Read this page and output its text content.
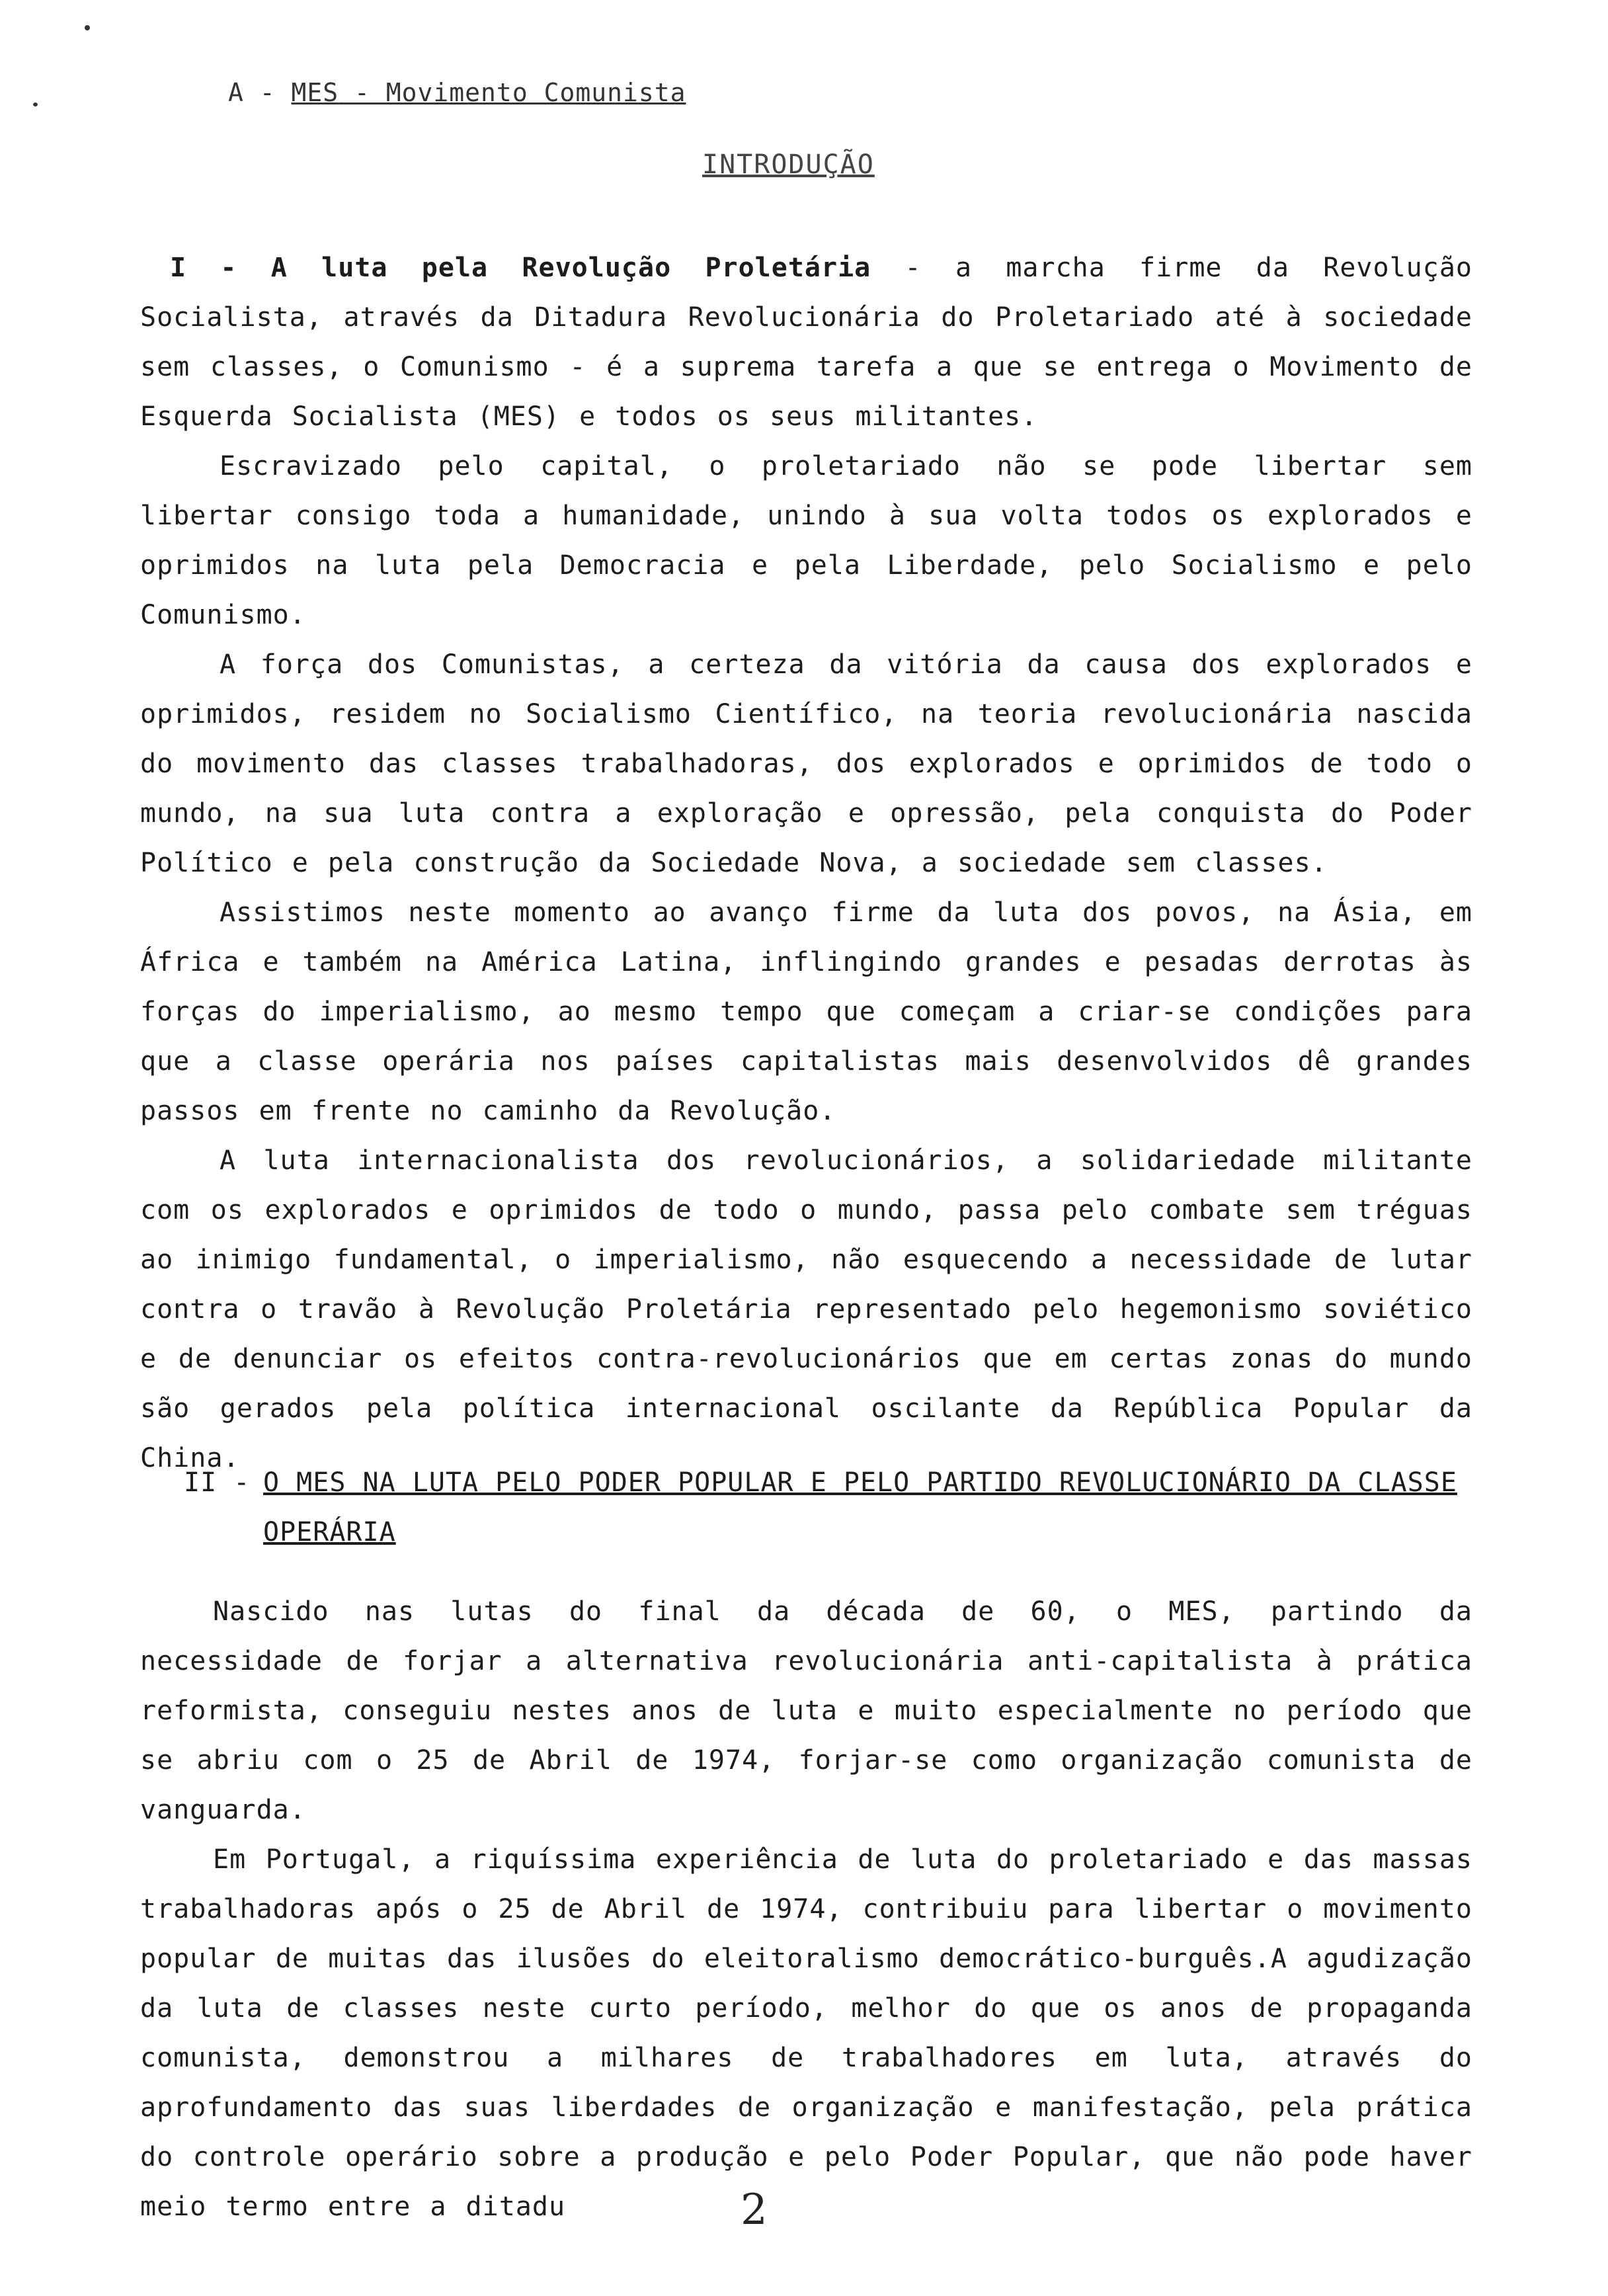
A - MES - Movimento Comunista
INTRODUÇÃO

I - A luta pela Revolução Proletária - a marcha firme da Revolução Socialista, através da Ditadura Revolucionária do Proletariado até à sociedade sem classes, o Comunismo - é a suprema tarefa a que se entrega o Movimento de Esquerda Socialista (MES) e todos os seus militantes.

Escravizado pelo capital, o proletariado não se pode libertar sem libertar consigo toda a humanidade, unindo à sua volta todos os explorados e oprimidos na luta pela Democracia e pela Liberdade, pelo Socialismo e pelo Comunismo.

A força dos Comunistas, a certeza da vitória da causa dos explorados e oprimidos, residem no Socialismo Científico, na teoria revolucionária nascida do movimento das classes trabalhadoras, dos explorados e oprimidos de todo o mundo, na sua luta contra a exploração e opressão, pela conquista do Poder Político e pela construção da Sociedade Nova, a sociedade sem classes.

Assistimos neste momento ao avanço firme da luta dos povos, na Ásia, em África e também na América Latina, inflingindo grandes e pesadas derrotas às forças do imperialismo, ao mesmo tempo que começam a criar-se condições para que a classe operária nos países capitalistas mais desenvolvidos dê grandes passos em frente no caminho da Revolução.

A luta internacionalista dos revolucionários, a solidariedade militante com os explorados e oprimidos de todo o mundo, passa pelo combate sem tréguas ao inimigo fundamental, o imperialismo, não esquecendo a necessidade de lutar contra o travão à Revolução Proletária representado pelo hegemonismo soviético e de denunciar os efeitos contra-revolucionários que em certas zonas do mundo são gerados pela política internacional oscilante da República Popular da China.

II - O MES NA LUTA PELO PODER POPULAR E PELO PARTIDO REVOLUCIONÁRIO DA CLASSE OPERÁRIA

Nascido nas lutas do final da década de 60, o MES, partindo da necessidade de forjar a alternativa revolucionária anti-capitalista à prática reformista, conseguiu nestes anos de luta e muito especialmente no período que se abriu com o 25 de Abril de 1974, forjar-se como organização comunista de vanguarda.

Em Portugal, a riquíssima experiência de luta do proletariado e das massas trabalhadoras após o 25 de Abril de 1974, contribuiu para libertar o movimento popular de muitas das ilusões do eleitoralismo democrático-burguês.A agudização da luta de classes neste curto período, melhor do que os anos de propaganda comunista, demonstrou a milhares de trabalhadores em luta, através do aprofundamento das suas liberdades de organização e manifestação, pela prática do controle operário sobre a produção e pelo Poder Popular, que não pode haver meio termo entre a ditadu	2
